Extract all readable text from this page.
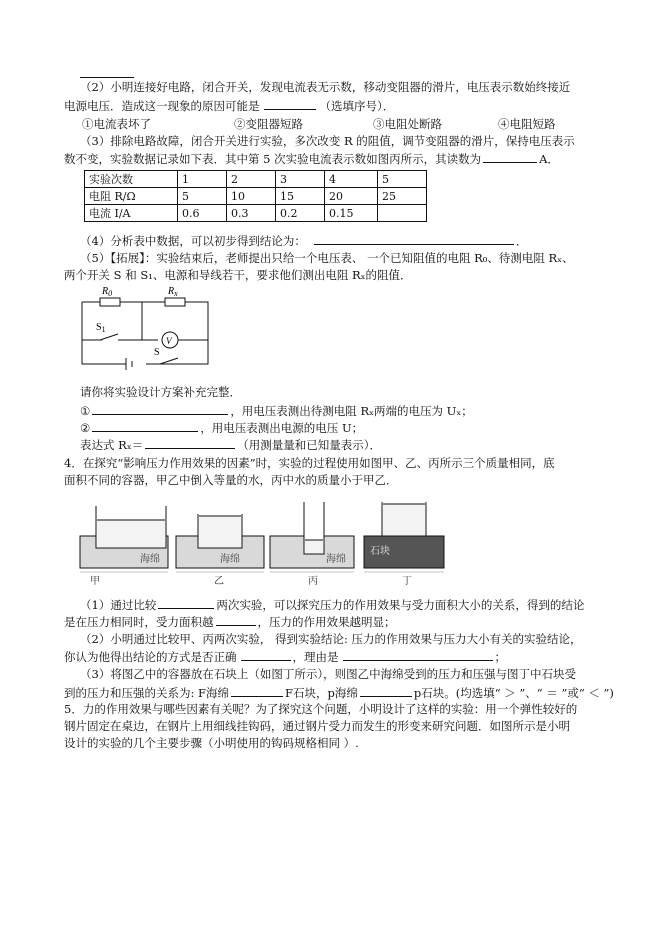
（2）小明连接好电路，闭合开关，发现电流表无示数，移动变阻器的滑片，电压表示数始终接近
电源电压．造成这一现象的原因可能是	（选填序号）．
①电流表坏了	②变阻器短路	③电阻处断路	④电阻短路
（3）排除电路故障，闭合开关进行实验，多次改变 R 的阻值，调节变阻器的滑片，保持电压表示
数不变，实验数据记录如下表．其中第 5 次实验电流表示数如图丙所示，其读数为	A．
实验次数	1	2	3	4	5
电阻 R/Ω	5	10	15	20	25
电流 I/A	0.6	0.3	0.2	0.15	
（4）分析表中数据，可以初步得到结论为：	．
（5）【拓展】：实验结束后，老师提出只给一个电压表、 一个已知阻值的电阻 R₀、待测电阻 Rₓ、
两个开关 S 和 S₁、电源和导线若干，要求他们测出电阻 Rₓ的阻值．
$R_0$	$R_x$
$S_1$
V
S
请你将实验设计方案补充完整．
①	，用电压表测出待测电阻 Rₓ两端的电压为 Uₓ；
②	，用电压表测出电源的电压 U；
表达式 Rₓ＝	（用测量量和已知量表示）．
4．在探究“影响压力作用效果的因素”时，实验的过程使用如图甲、乙、丙所示三个质量相同，底
面积不同的容器，甲乙中倒入等量的水，丙中水的质量小于甲乙．
海绵	海绵	海绵
石块
甲	乙	丙	丁
（1）通过比较	两次实验，可以探究压力的作用效果与受力面积大小的关系，得到的结论
是在压力相同时，受力面积越	，压力的作用效果越明显；
（2）小明通过比较甲、丙两次实验， 得到实验结论: 压力的作用效果与压力大小有关的实验结论，
你认为他得出结论的方式是否正确	，理由是	；
（3）将图乙中的容器放在石块上（如图丁所示），则图乙中海绵受到的压力和压强与图丁中石块受
到的压力和压强的关系为: F海绵	F石块，p海绵	p石块。(均选填“ ＞ ”、“ ＝ ”或“ ＜ ”)
5．力的作用效果与哪些因素有关呢？为了探究这个问题，小明设计了这样的实验：用一个弹性较好的
钢片固定在桌边，在钢片上用细线挂钩码，通过钢片受力而发生的形变来研究问题．如图所示是小明
设计的实验的几个主要步骤（小明使用的钩码规格相同 ）.
